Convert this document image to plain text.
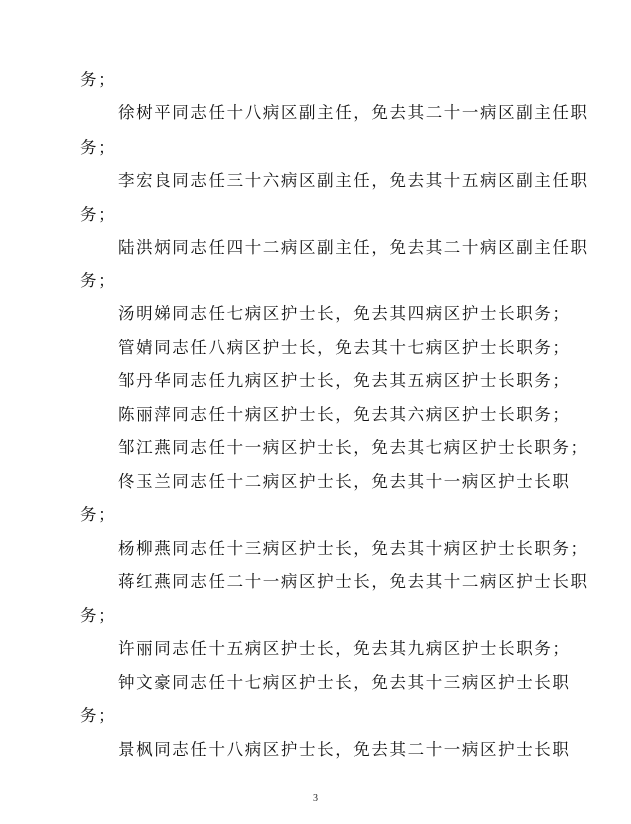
务；
徐树平同志任十八病区副主任，免去其二十一病区副主任职
务；
李宏良同志任三十六病区副主任，免去其十五病区副主任职
务；
陆洪炳同志任四十二病区副主任，免去其二十病区副主任职
务；
汤明娣同志任七病区护士长，免去其四病区护士长职务；
管婧同志任八病区护士长，免去其十七病区护士长职务；
邹丹华同志任九病区护士长，免去其五病区护士长职务；
陈丽萍同志任十病区护士长，免去其六病区护士长职务；
邹江燕同志任十一病区护士长，免去其七病区护士长职务；
佟玉兰同志任十二病区护士长，免去其十一病区护士长职
务；
杨柳燕同志任十三病区护士长，免去其十病区护士长职务；
蒋红燕同志任二十一病区护士长，免去其十二病区护士长职
务；
许丽同志任十五病区护士长，免去其九病区护士长职务；
钟文豪同志任十七病区护士长，免去其十三病区护士长职
务；
景枫同志任十八病区护士长，免去其二十一病区护士长职
3
